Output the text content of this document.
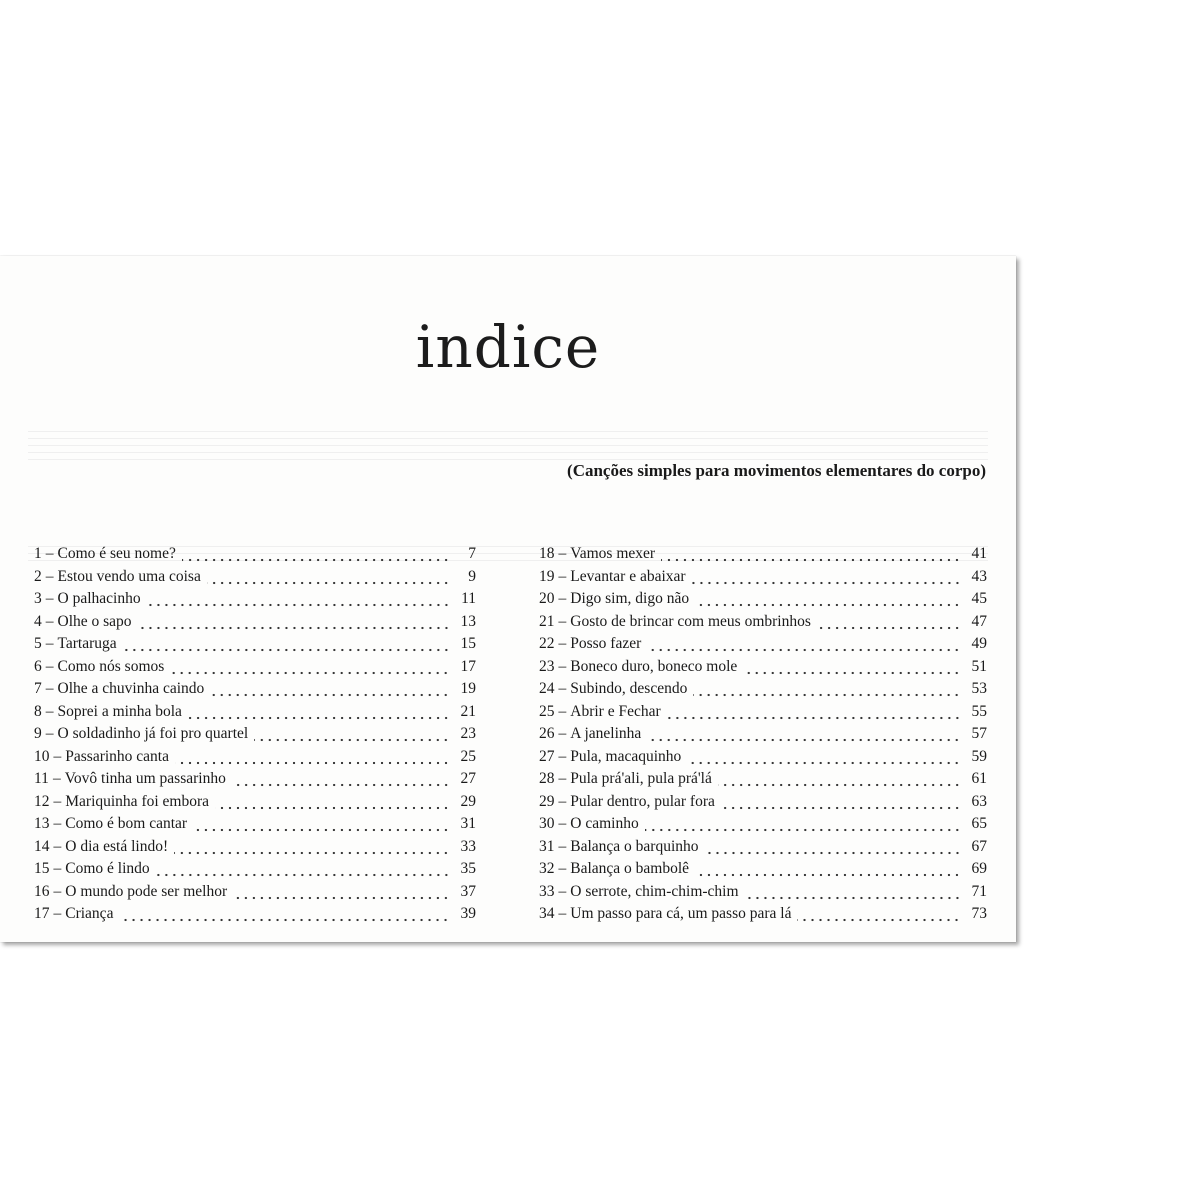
indice
(Canções simples para movimentos elementares do corpo)
1 – Como é seu nome?	7
2 – Estou vendo uma coisa	9
3 – O palhacinho	11
4 – Olhe o sapo	13
5 – Tartaruga	15
6 – Como nós somos	17
7 – Olhe a chuvinha caindo	19
8 – Soprei a minha bola	21
9 – O soldadinho já foi pro quartel	23
10 – Passarinho canta	25
11 – Vovô tinha um passarinho	27
12 – Mariquinha foi embora	29
13 – Como é bom cantar	31
14 – O dia está lindo!	33
15 – Como é lindo	35
16 – O mundo pode ser melhor	37
17 – Criança	39
18 – Vamos mexer	41
19 – Levantar e abaixar	43
20 – Digo sim, digo não	45
21 – Gosto de brincar com meus ombrinhos	47
22 – Posso fazer	49
23 – Boneco duro, boneco mole	51
24 – Subindo, descendo	53
25 – Abrir e Fechar	55
26 – A janelinha	57
27 – Pula, macaquinho	59
28 – Pula prá'ali, pula prá'lá	61
29 – Pular dentro, pular fora	63
30 – O caminho	65
31 – Balança o barquinho	67
32 – Balança o bambolê	69
33 – O serrote, chim-chim-chim	71
34 – Um passo para cá, um passo para lá	73
